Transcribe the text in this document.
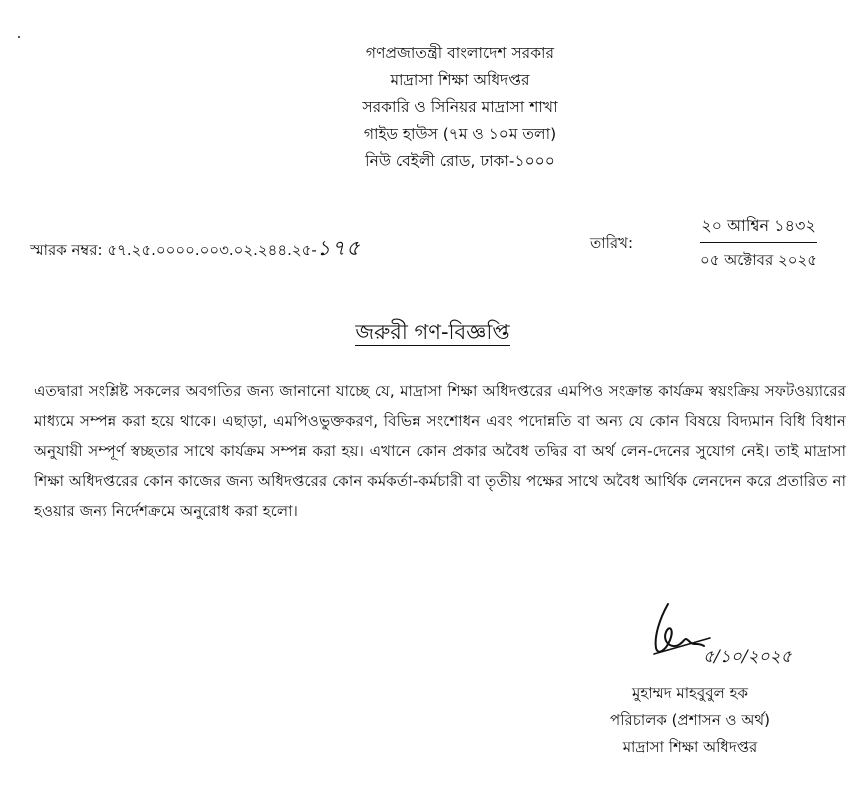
গণপ্রজাতন্ত্রী বাংলাদেশ সরকার
মাদ্রাসা শিক্ষা অধিদপ্তর
সরকারি ও সিনিয়র মাদ্রাসা শাখা
গাইড হাউস (৭ম ও ১০ম তলা)
নিউ বেইলী রোড, ঢাকা-১০০০
স্মারক নম্বর: ৫৭.২৫.০০০০.০০৩.০২.২৪৪.২৫-১৭৫	তারিখ:
২০ আশ্বিন ১৪৩২
০৫ অক্টোবর ২০২৫
জরুরী গণ-বিজ্ঞপ্তি
এতদ্বারা সংশ্লিষ্ট সকলের অবগতির জন্য জানানো যাচ্ছে যে, মাদ্রাসা শিক্ষা অধিদপ্তরের এমপিও সংক্রান্ত কার্যক্রম স্বয়ংক্রিয় সফটওয়্যারের মাধ্যমে সম্পন্ন করা হয়ে থাকে। এছাড়া, এমপিওভুক্তকরণ, বিভিন্ন সংশোধন এবং পদোন্নতি বা অন্য যে কোন বিষয়ে বিদ্যমান বিধি বিধান অনুযায়ী সম্পূর্ণ স্বচ্ছতার সাথে কার্যক্রম সম্পন্ন করা হয়। এখানে কোন প্রকার অবৈধ তদ্বির বা অর্থ লেন-দেনের সুযোগ নেই। তাই মাদ্রাসা শিক্ষা অধিদপ্তরের কোন কাজের জন্য অধিদপ্তরের কোন কর্মকর্তা-কর্মচারী বা তৃতীয় পক্ষের সাথে অবৈধ আর্থিক লেনদেন করে প্রতারিত না হওয়ার জন্য নির্দেশক্রমে অনুরোধ করা হলো।
৫/১০/২০২৫
মুহাম্মদ মাহবুবুল হক
পরিচালক (প্রশাসন ও অর্থ)
মাদ্রাসা শিক্ষা অধিদপ্তর
